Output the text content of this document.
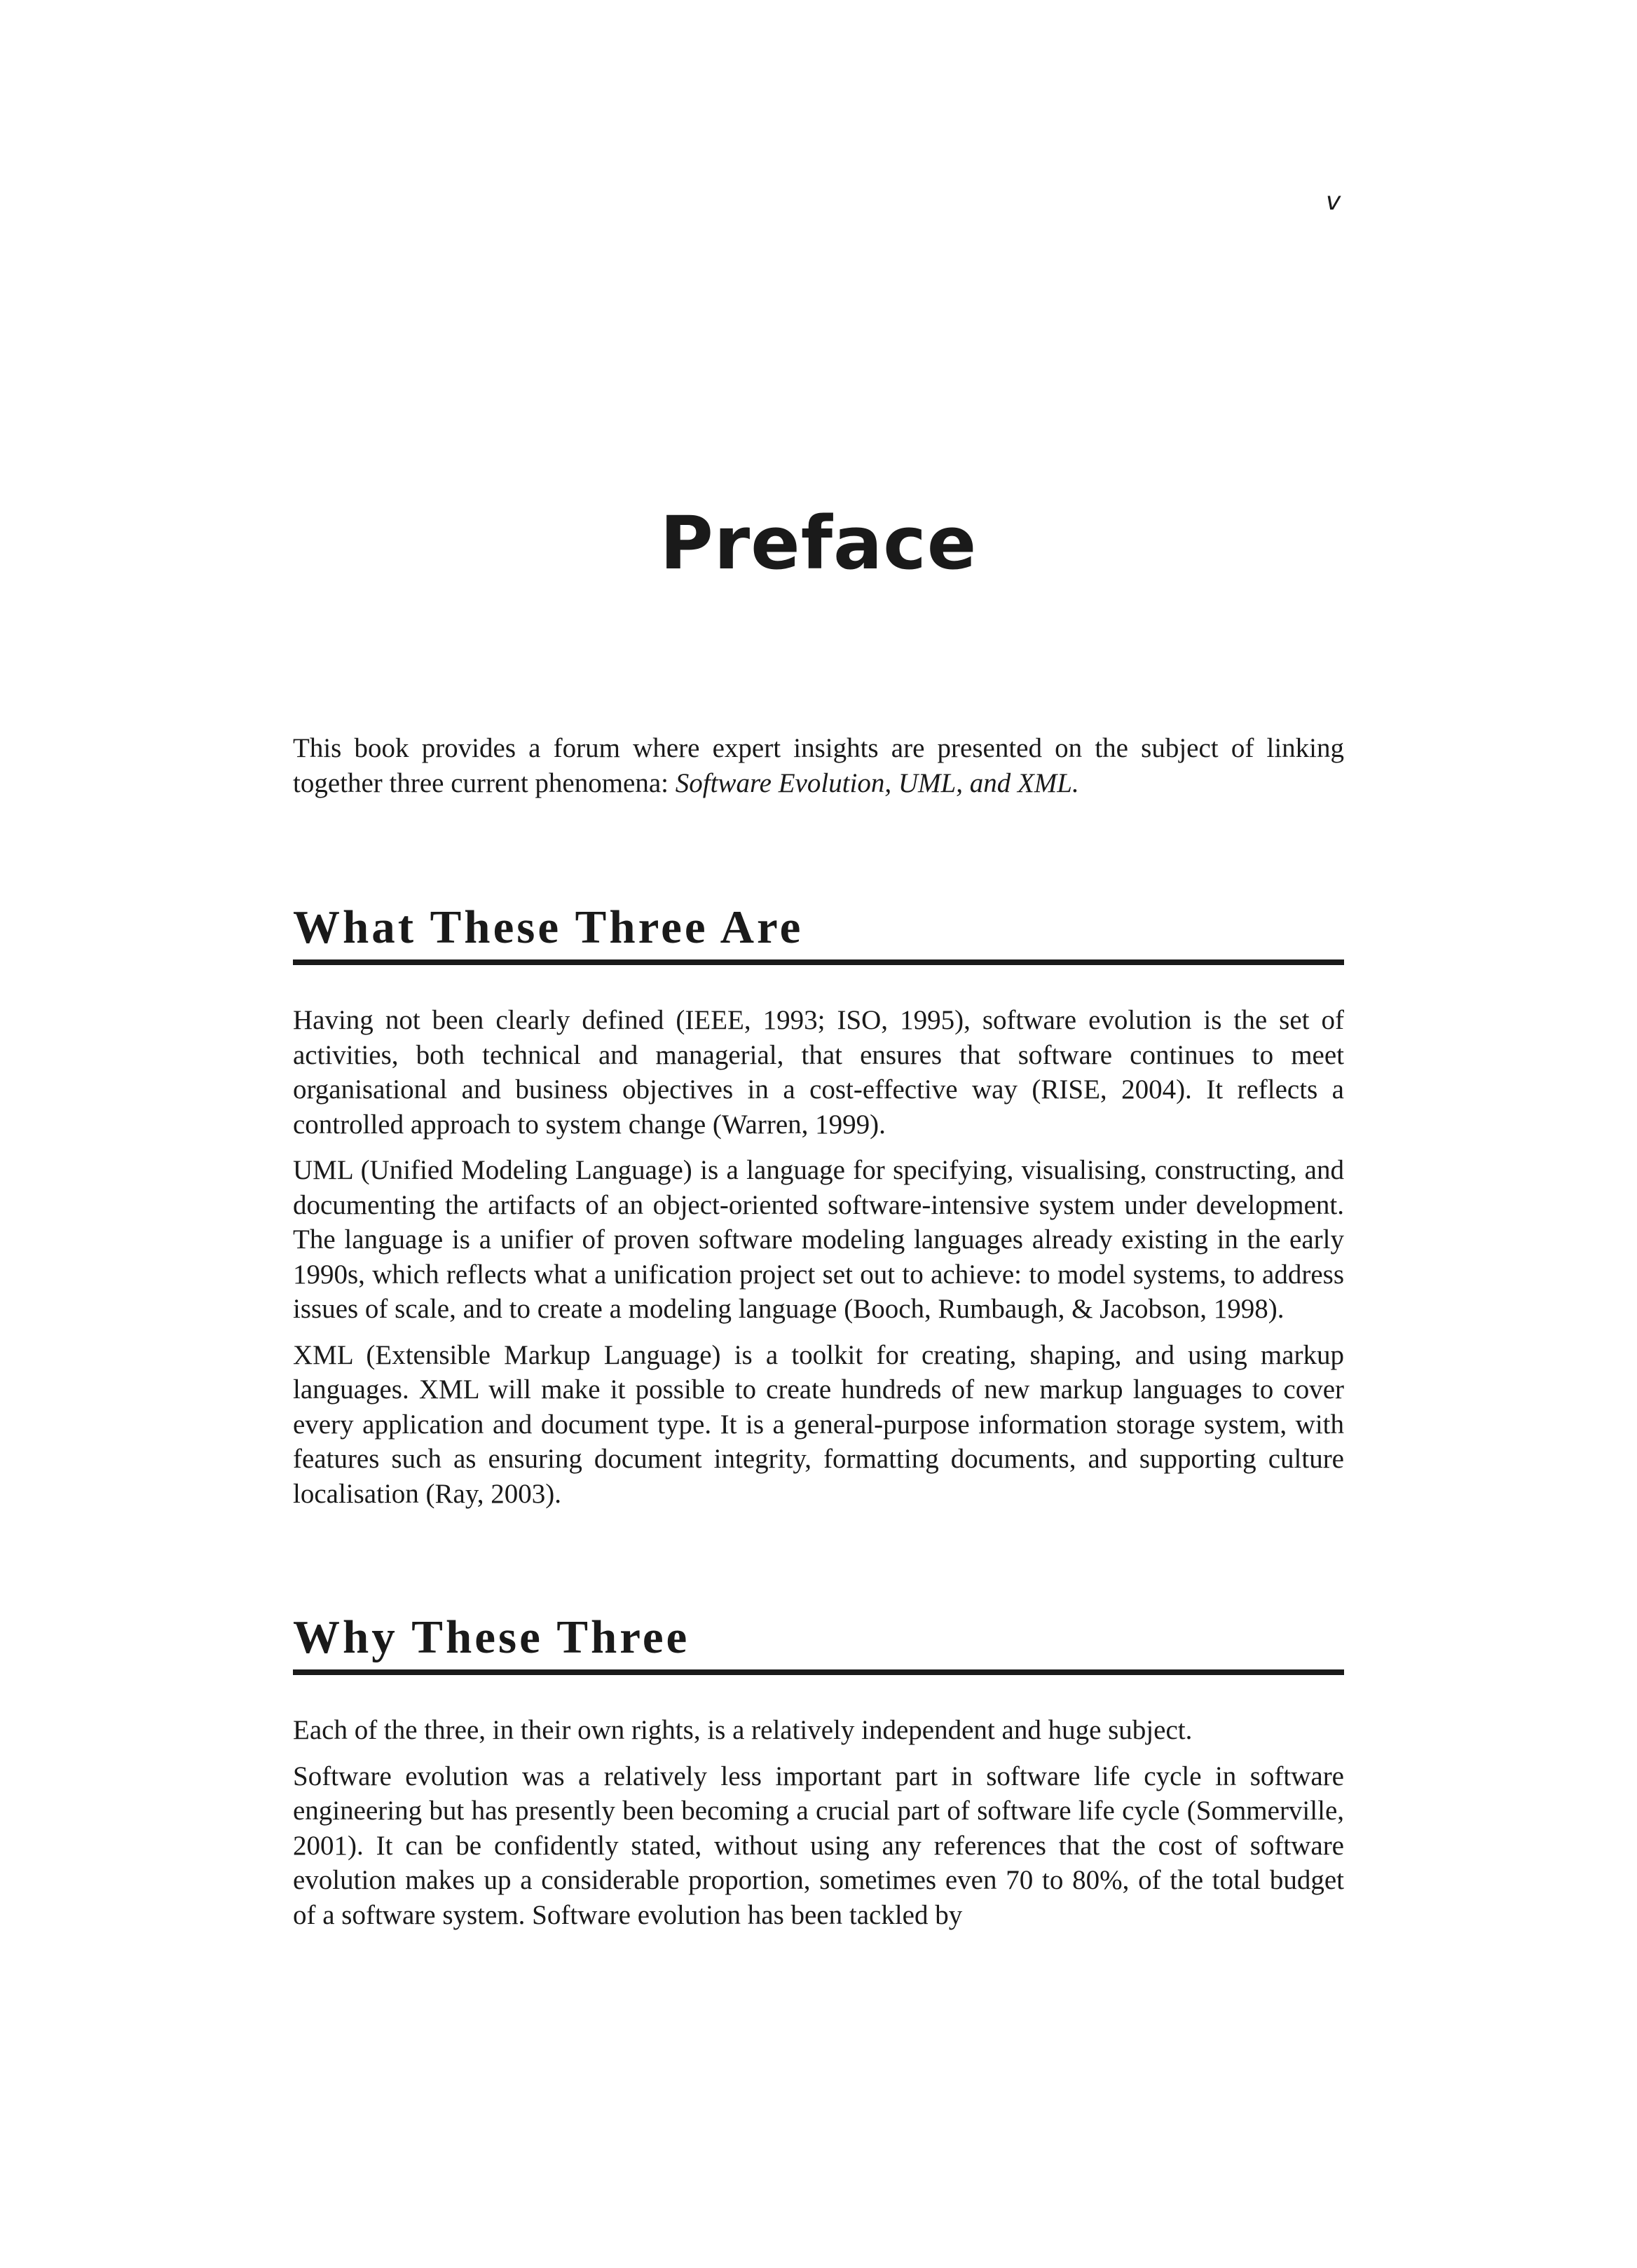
v
Preface

This book provides a forum where expert insights are presented on the subject of linking together three current phenomena: Software Evolution, UML, and XML.

What These Three Are

Having not been clearly defined (IEEE, 1993; ISO, 1995), software evolution is the set of activities, both technical and managerial, that ensures that software continues to meet organisational and business objectives in a cost-effective way (RISE, 2004). It reflects a controlled approach to system change (Warren, 1999).

UML (Unified Modeling Language) is a language for specifying, visualising, constructing, and documenting the artifacts of an object-oriented software-intensive system under development. The language is a unifier of proven software modeling languages already existing in the early 1990s, which reflects what a unification project set out to achieve: to model systems, to address issues of scale, and to create a modeling language (Booch, Rumbaugh, & Jacobson, 1998).

XML (Extensible Markup Language) is a toolkit for creating, shaping, and using markup languages. XML will make it possible to create hundreds of new markup languages to cover every application and document type. It is a general-purpose information storage system, with features such as ensuring document integrity, formatting documents, and supporting culture localisation (Ray, 2003).

Why These Three

Each of the three, in their own rights, is a relatively independent and huge subject.

Software evolution was a relatively less important part in software life cycle in software engineering but has presently been becoming a crucial part of software life cycle (Sommerville, 2001). It can be confidently stated, without using any references that the cost of software evolution makes up a considerable proportion, sometimes even 70 to 80%, of the total budget of a software system. Software evolution has been tackled by
